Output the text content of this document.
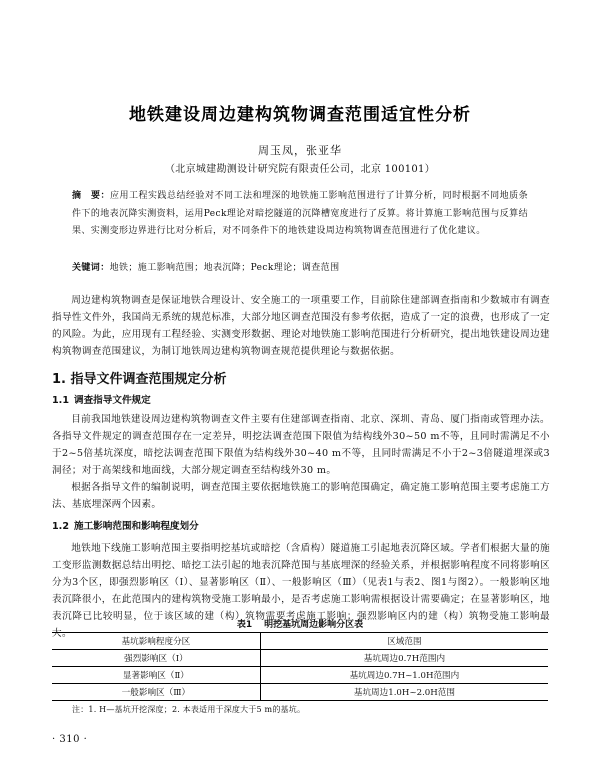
地铁建设周边建构筑物调查范围适宜性分析
周玉凤，张亚华
（北京城建勘测设计研究院有限责任公司，北京 100101）
摘　要：应用工程实践总结经验对不同工法和埋深的地铁施工影响范围进行了计算分析，同时根据不同地质条件下的地表沉降实测资料，运用Peck理论对暗挖隧道的沉降槽宽度进行了反算。将计算施工影响范围与反算结果、实测变形边界进行比对分析后，对不同条件下的地铁建设周边构筑物调查范围进行了优化建议。
关键词：地铁；施工影响范围；地表沉降；Peck理论；调查范围

周边建构筑物调查是保证地铁合理设计、安全施工的一项重要工作，目前除住建部调查指南和少数城市有调查指导性文件外，我国尚无系统的规范标准，大部分地区调查范围没有参考依据，造成了一定的浪费，也形成了一定的风险。为此，应用现有工程经验、实测变形数据、理论对地铁施工影响范围进行分析研究，提出地铁建设周边建构筑物调查范围建议，为制订地铁周边建构筑物调查规范提供理论与数据依据。

1. 指导文件调查范围规定分析
1.1 调查指导文件规定

目前我国地铁建设周边建构筑物调查文件主要有住建部调查指南、北京、深圳、青岛、厦门指南或管理办法。各指导文件规定的调查范围存在一定差异，明挖法调查范围下限值为结构线外30~50 m不等，且同时需满足不小于2~5倍基坑深度，暗挖法调查范围下限值为结构线外30~40 m不等，且同时需满足不小于2~3倍隧道埋深或3洞径；对于高架线和地面线，大部分规定调查至结构线外30 m。

根据各指导文件的编制说明，调查范围主要依据地铁施工的影响范围确定，确定施工影响范围主要考虑施工方法、基底埋深两个因素。

1.2 施工影响范围和影响程度划分

地铁地下线施工影响范围主要指明挖基坑或暗挖（含盾构）隧道施工引起地表沉降区域。学者们根据大量的施工变形监测数据总结出明挖、暗挖工法引起的地表沉降范围与基底埋深的经验关系，并根据影响程度不同将影响区分为3个区，即强烈影响区（Ⅰ）、显著影响区（Ⅱ）、一般影响区（Ⅲ）（见表1与表2、图1与图2）。一般影响区地表沉降很小，在此范围内的建构筑物受施工影响最小，是否考虑施工影响需根据设计需要确定；在显著影响区，地表沉降已比较明显，位于该区域的建（构）筑物需要考虑施工影响；强烈影响区内的建（构）筑物受施工影响最大。

表1 明挖基坑周边影响分区表
基坑影响程度分区	区域范围
强烈影响区（Ⅰ）	基坑周边0.7H范围内
显著影响区（Ⅱ）	基坑周边0.7H~1.0H范围内
一般影响区（Ⅲ）	基坑周边1.0H~2.0H范围
注：1. H—基坑开挖深度；2. 本表适用于深度大于5 m的基坑。
· 310 ·
